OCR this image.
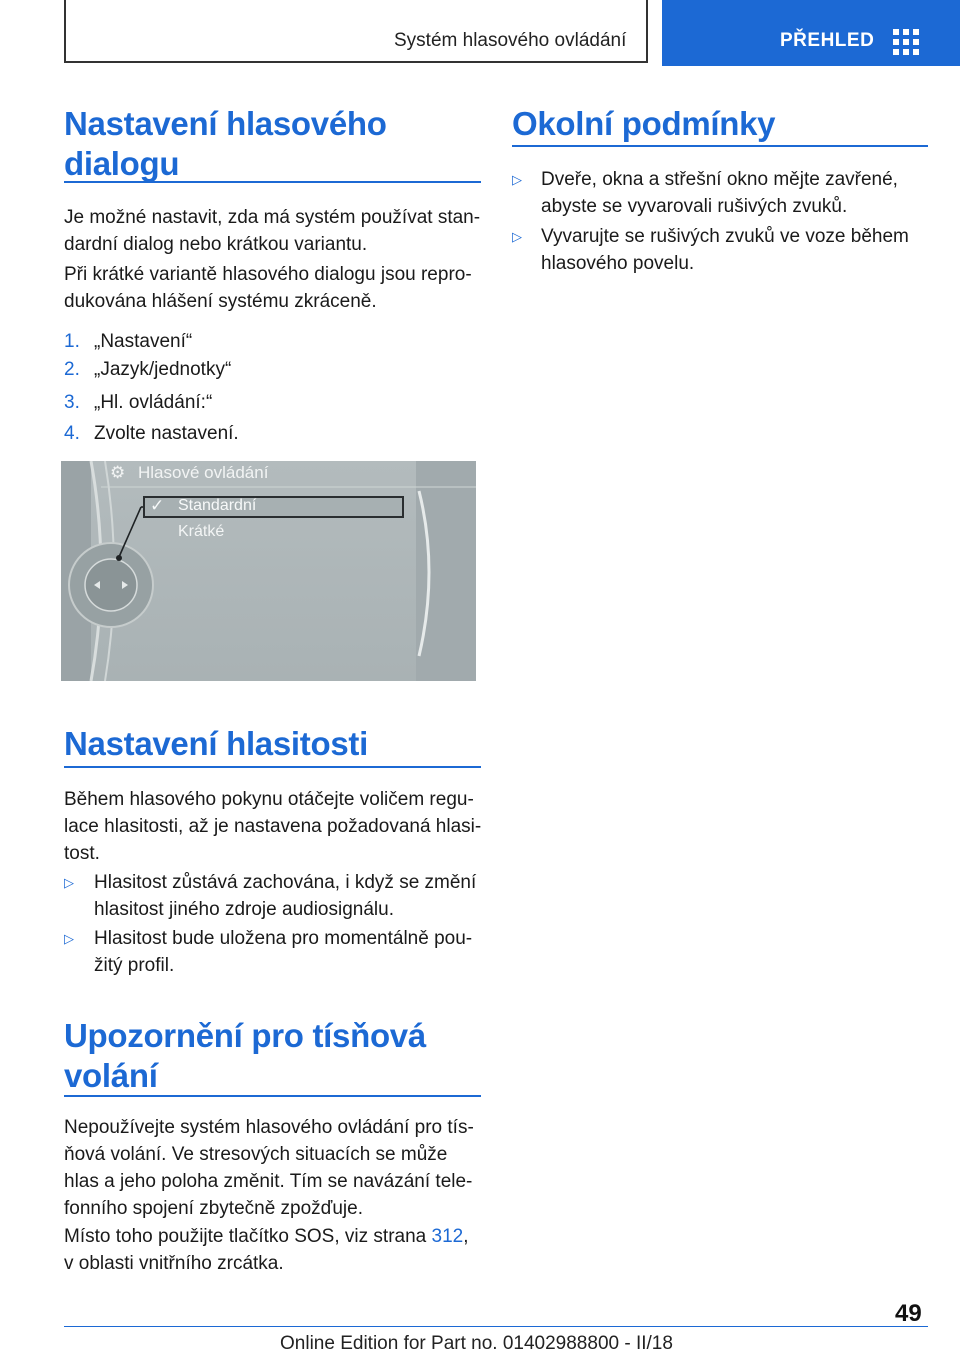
Systém hlasového ovládání	PŘEHLED
Nastavení hlasového
dialogu
Je možné nastavit, zda má systém používat stan‐
dardní dialog nebo krátkou variantu.
Při krátké variantě hlasového dialogu jsou repro‐
dukována hlášení systému zkráceně.
1. „Nastavení“
2. „Jazyk/jednotky“
3. „Hl. ovládání:“
4. Zvolte nastavení.
⚙ Hlasové ovládání
✓ Standardní
Krátké
Nastavení hlasitosti
Během hlasového pokynu otáčejte voličem regu‐
lace hlasitosti, až je nastavena požadovaná hlasi‐
tost.
▷ Hlasitost zůstává zachována, i když se změní
hlasitost jiného zdroje audiosignálu.
▷ Hlasitost bude uložena pro momentálně pou‐
žitý profil.
Upozornění pro tísňová
volání
Nepoužívejte systém hlasového ovládání pro tís‐
ňová volání. Ve stresových situacích se může
hlas a jeho poloha změnit. Tím se navázání tele‐
fonního spojení zbytečně zpožďuje.
Místo toho použijte tlačítko SOS, viz strana 312,
v oblasti vnitřního zrcátka.
Okolní podmínky
▷ Dveře, okna a střešní okno mějte zavřené,
abyste se vyvarovali rušivých zvuků.
▷ Vyvarujte se rušivých zvuků ve voze během
hlasového povelu.
49
Online Edition for Part no. 01402988800 - II/18
